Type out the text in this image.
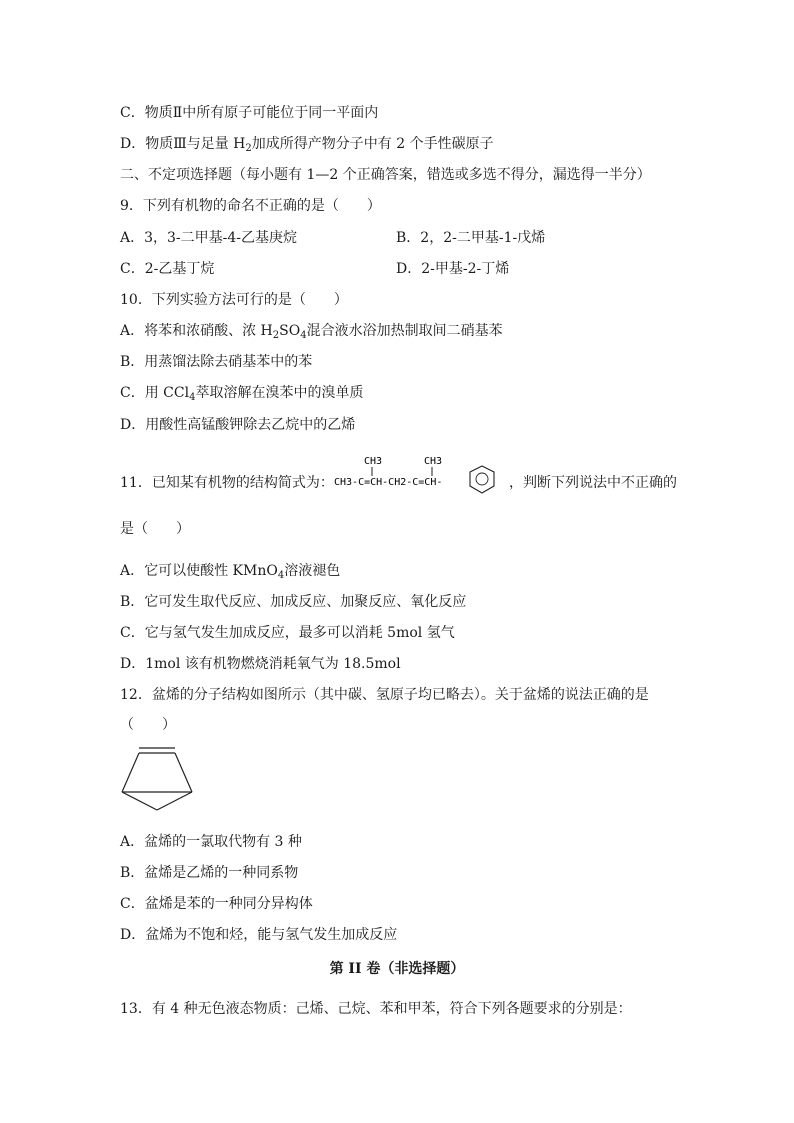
C．物质Ⅱ中所有原子可能位于同一平面内
D．物质Ⅲ与足量 $H_2$加成所得产物分子中有 2 个手性碳原子
二、不定项选择题（每小题有 1—2 个正确答案，错选或多选不得分，漏选得一半分）
9．下列有机物的命名不正确的是（　　）
A．3，3-二甲基-4-乙基庚烷	B．2，2-二甲基-1-戊烯
C．2-乙基丁烷	D．2-甲基-2-丁烯
10．下列实验方法可行的是（　　）
A．将苯和浓硝酸、浓 $H_2SO_4$混合液水浴加热制取间二硝基苯
B．用蒸馏法除去硝基苯中的苯
C．用 CCl$_4$萃取溶解在溴苯中的溴单质
D．用酸性高锰酸钾除去乙烷中的乙烯
11．已知某有机物的结构简式为：
CH3	CH3
CH3-C=CH-CH2-C=CH-	，判断下列说法中不正确的
是（　　）
A．它可以使酸性 KMnO$_4$溶液褪色
B．它可发生取代反应、加成反应、加聚反应、氧化反应
C．它与氢气发生加成反应，最多可以消耗 5mol 氢气
D．1mol 该有机物燃烧消耗氧气为 18.5mol
12．盆烯的分子结构如图所示（其中碳、氢原子均已略去）。关于盆烯的说法正确的是
（　　）
A．盆烯的一氯取代物有 3 种
B．盆烯是乙烯的一种同系物
C．盆烯是苯的一种同分异构体
D．盆烯为不饱和烃，能与氢气发生加成反应
第 II 卷（非选择题）
13．有 4 种无色液态物质：己烯、己烷、苯和甲苯，符合下列各题要求的分别是：
